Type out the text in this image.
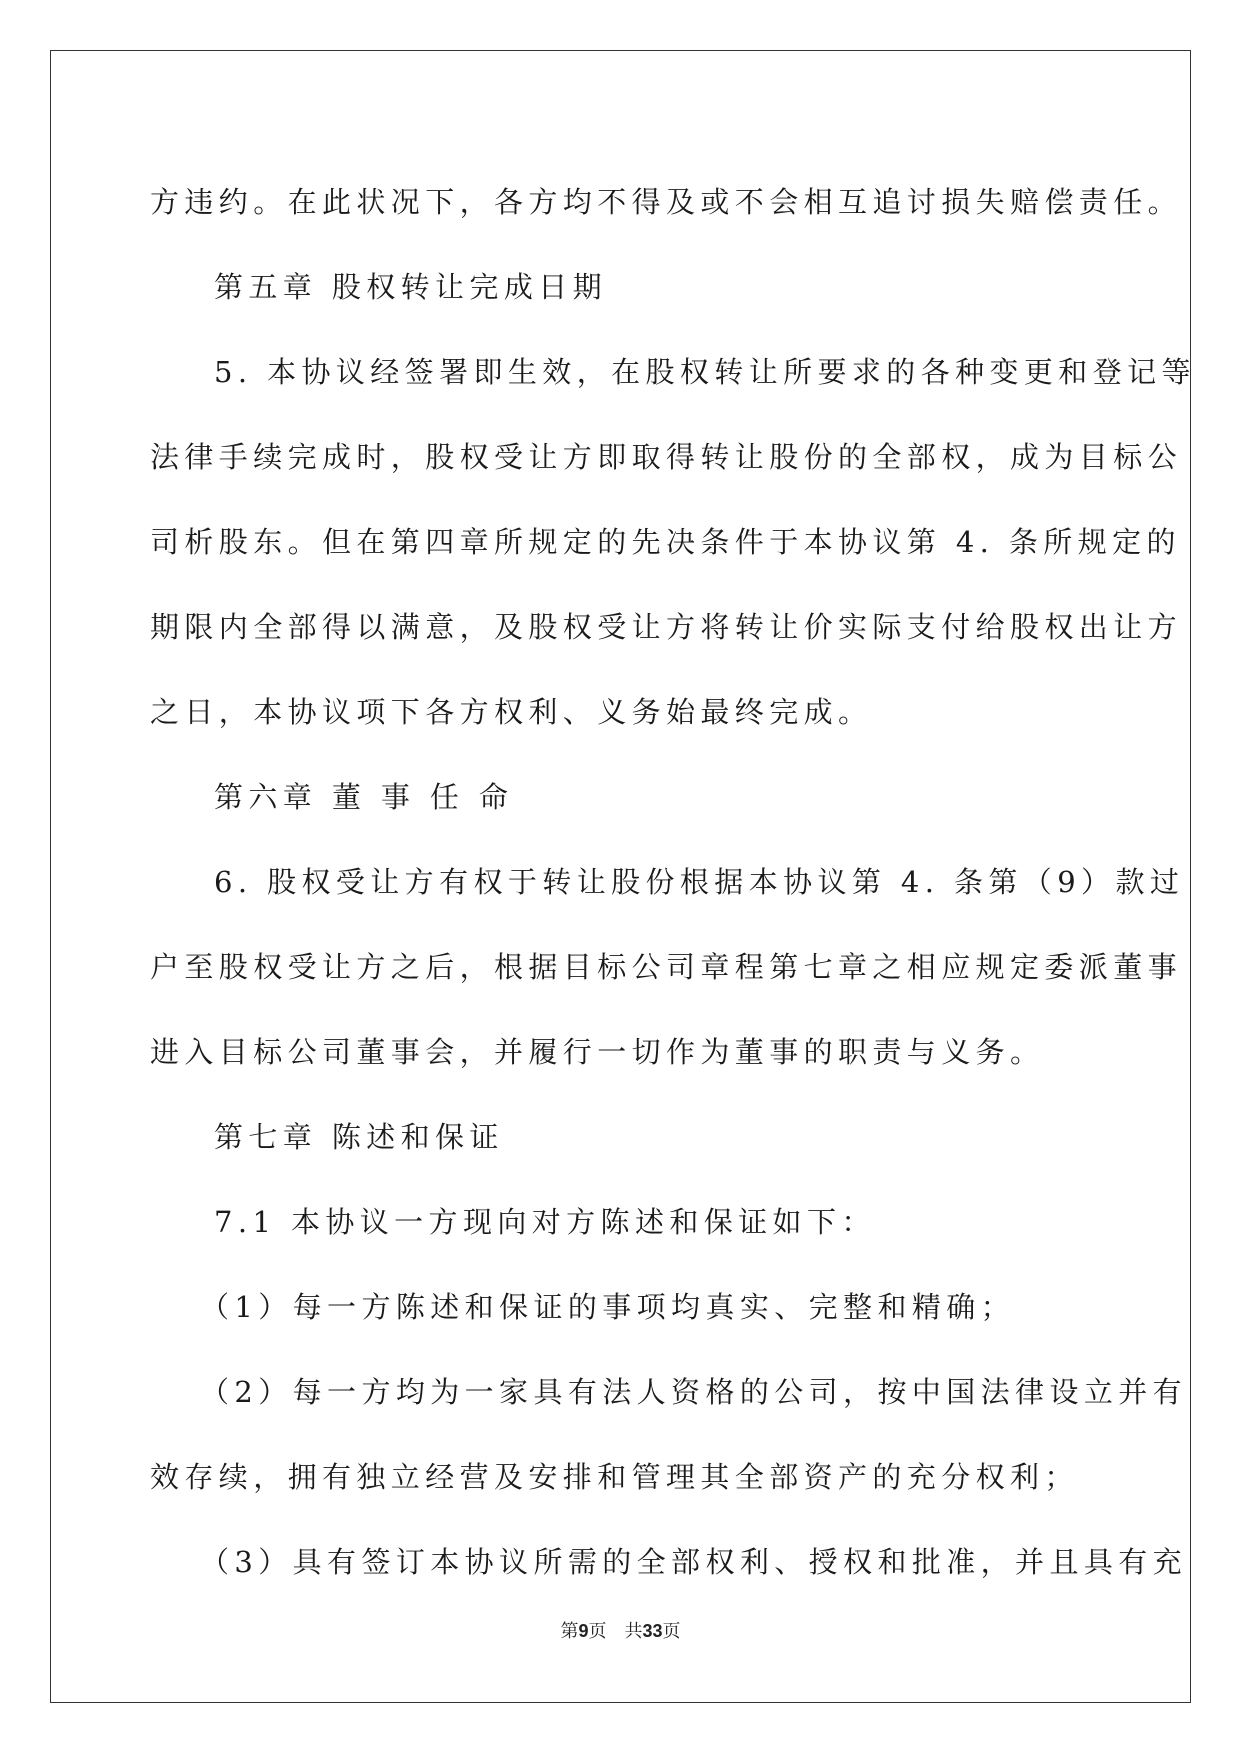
方违约。在此状况下，各方均不得及或不会相互追讨损失赔偿责任。
第五章 股权转让完成日期
5. 本协议经签署即生效，在股权转让所要求的各种变更和登记等
法律手续完成时，股权受让方即取得转让股份的全部权，成为目标公
司析股东。但在第四章所规定的先决条件于本协议第 4. 条所规定的
期限内全部得以满意，及股权受让方将转让价实际支付给股权出让方
之日，本协议项下各方权利、义务始最终完成。
第六章 董 事 任 命
6. 股权受让方有权于转让股份根据本协议第 4. 条第（9）款过
户至股权受让方之后，根据目标公司章程第七章之相应规定委派董事
进入目标公司董事会，并履行一切作为董事的职责与义务。
第七章 陈述和保证
7.1 本协议一方现向对方陈述和保证如下：
（1）每一方陈述和保证的事项均真实、完整和精确；
（2）每一方均为一家具有法人资格的公司，按中国法律设立并有
效存续，拥有独立经营及安排和管理其全部资产的充分权利；
（3）具有签订本协议所需的全部权利、授权和批准，并且具有充
第9页　共33页
